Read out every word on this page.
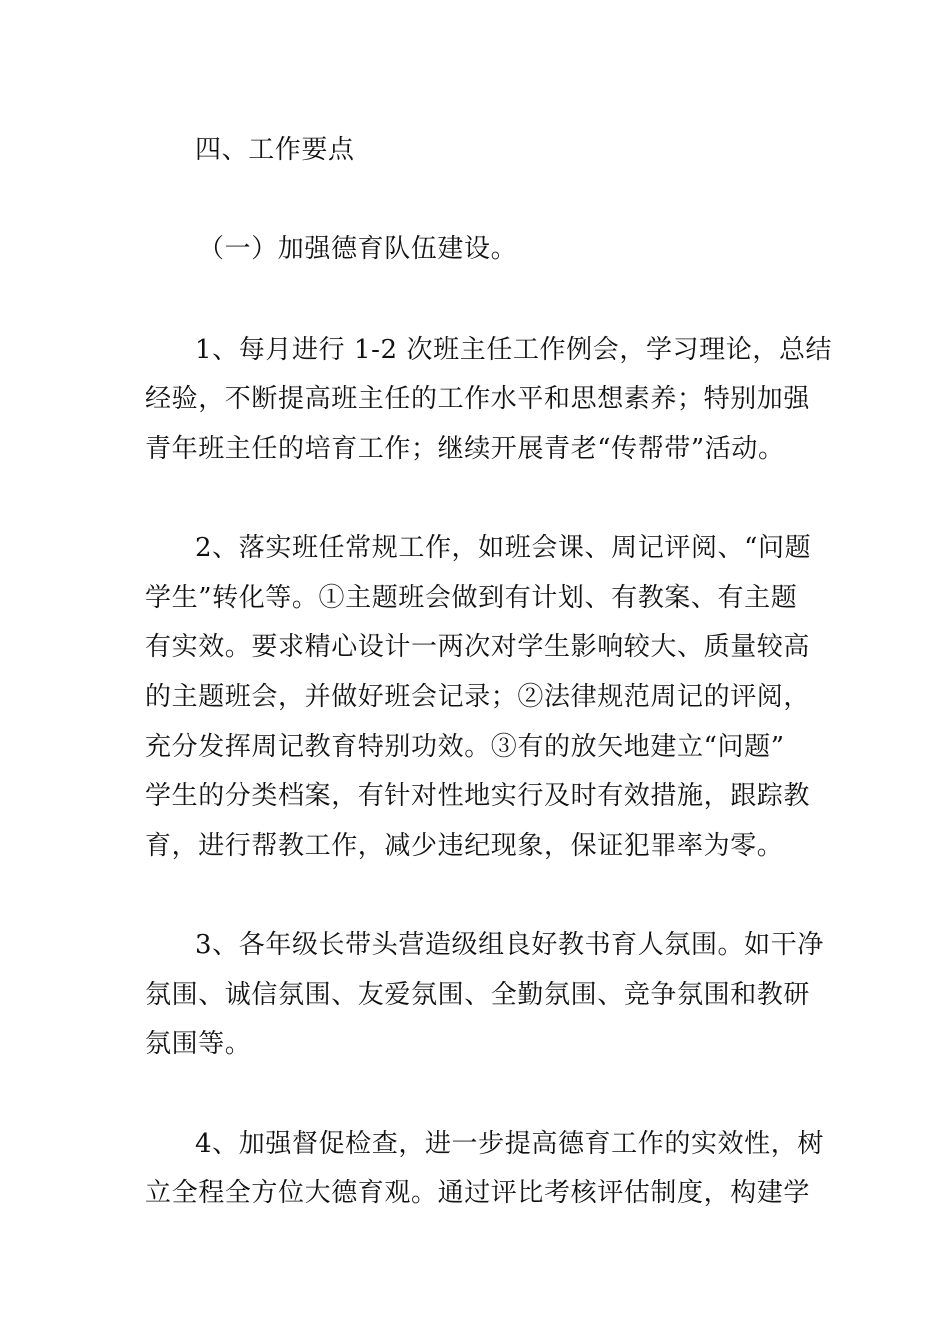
四、工作要点
（一）加强德育队伍建设。
1、每月进行 1-2 次班主任工作例会，学习理论，总结
经验，不断提高班主任的工作水平和思想素养；特别加强
青年班主任的培育工作；继续开展青老“传帮带”活动。
2、落实班任常规工作，如班会课、周记评阅、“问题
学生”转化等。①主题班会做到有计划、有教案、有主题
有实效。要求精心设计一两次对学生影响较大、质量较高
的主题班会，并做好班会记录；②法律规范周记的评阅，
充分发挥周记教育特别功效。③有的放矢地建立“问题”
学生的分类档案，有针对性地实行及时有效措施，跟踪教
育，进行帮教工作，减少违纪现象，保证犯罪率为零。
3、各年级长带头营造级组良好教书育人氛围。如干净
氛围、诚信氛围、友爱氛围、全勤氛围、竞争氛围和教研
氛围等。
4、加强督促检查，进一步提高德育工作的实效性，树
立全程全方位大德育观。通过评比考核评估制度，构建学
